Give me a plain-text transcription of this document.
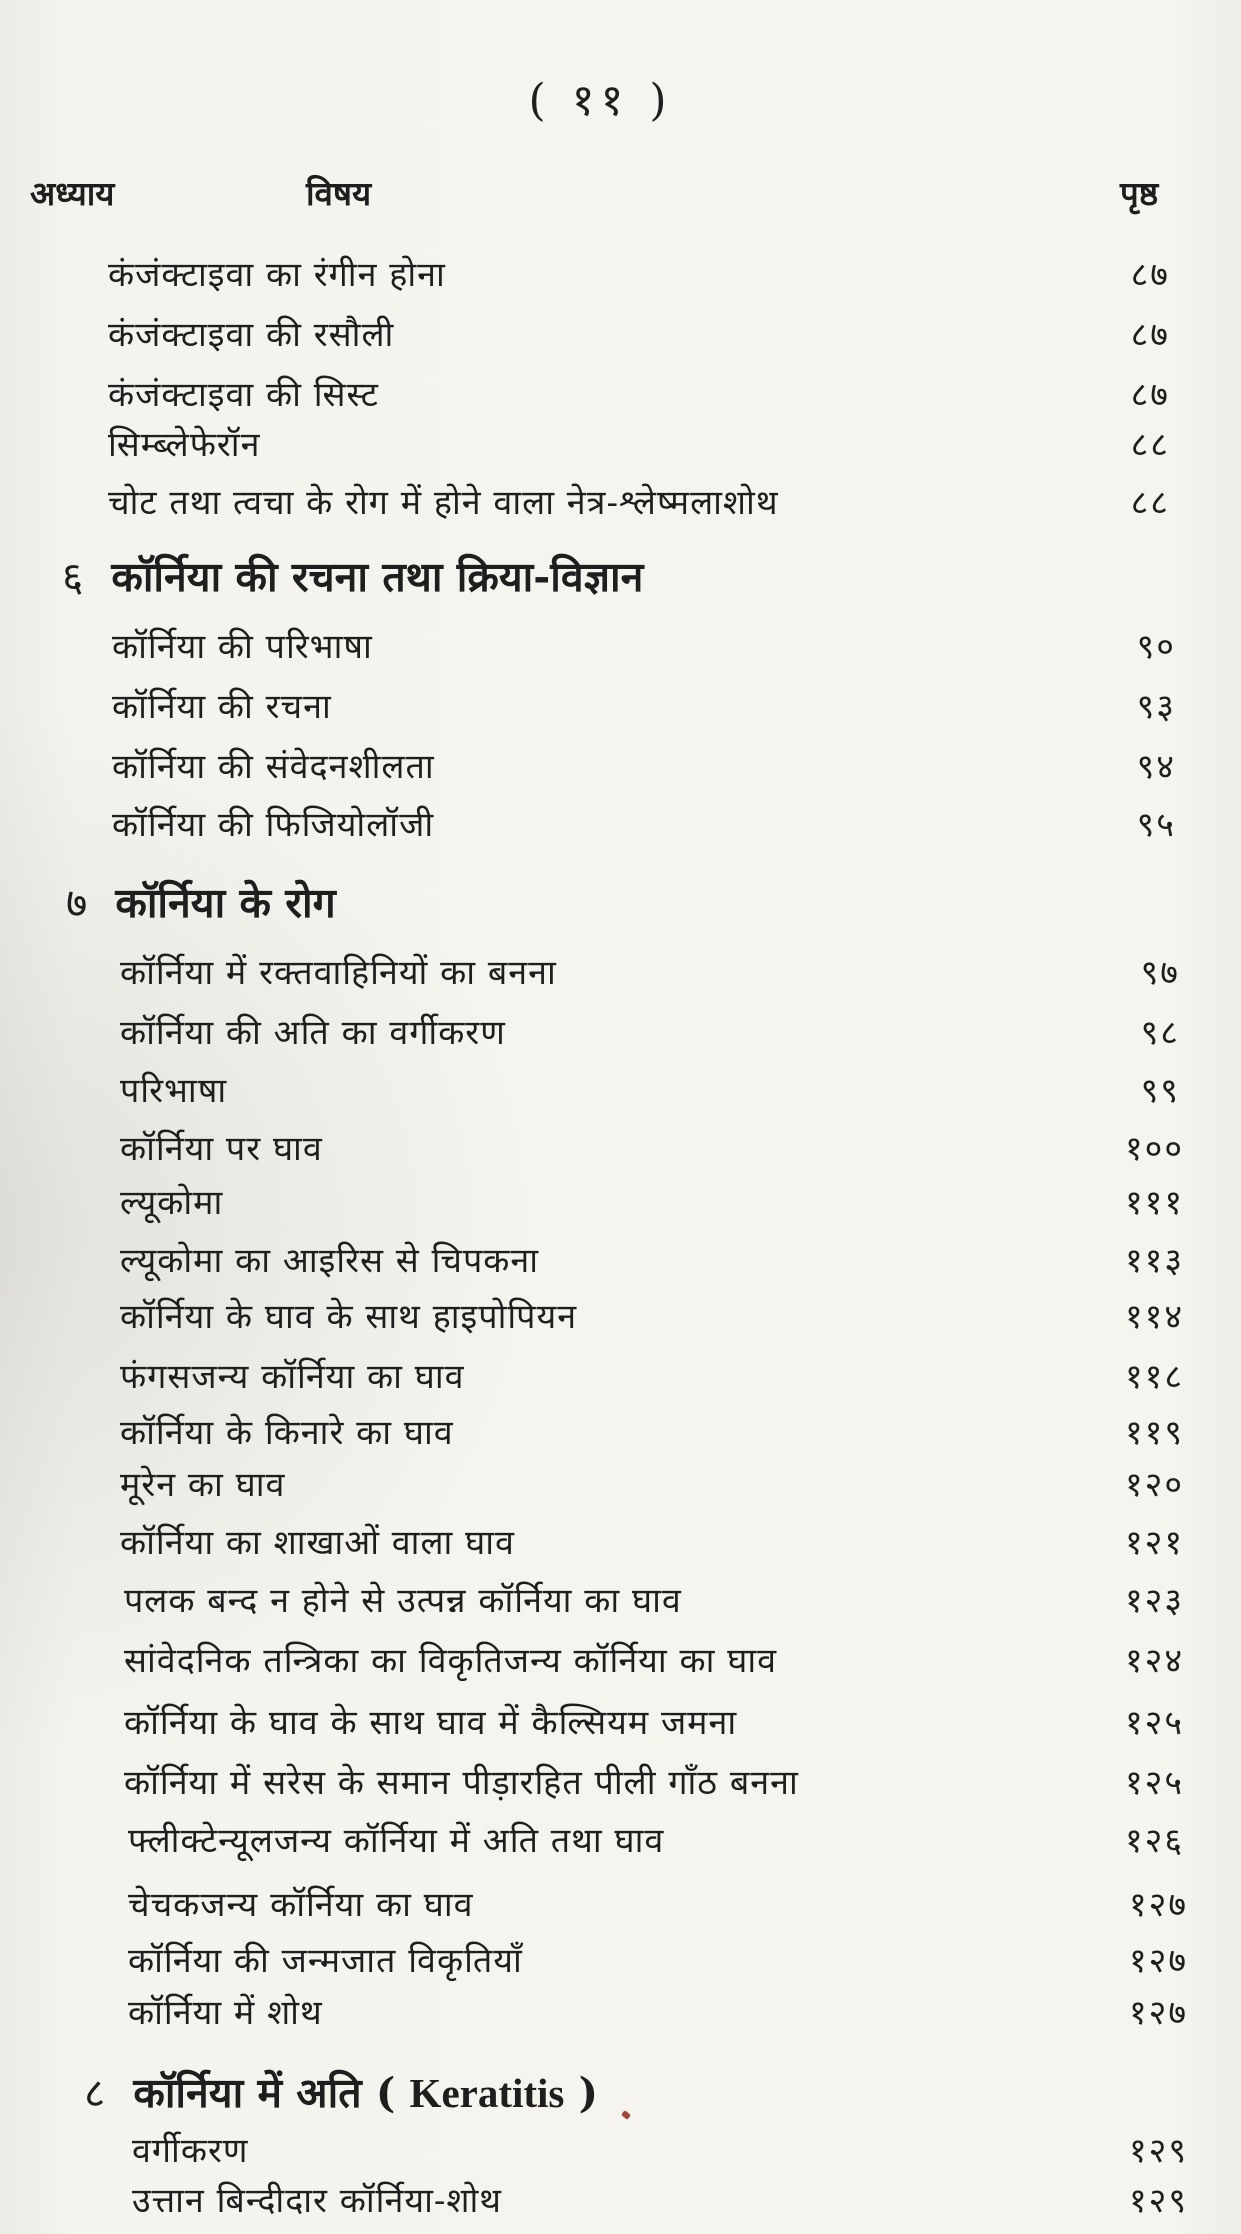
( ११ )
अध्याय	विषय	पृष्ठ
कंजंक्टाइवा का रंगीन होना	८७
कंजंक्टाइवा की रसौली	८७
कंजंक्टाइवा की सिस्ट	८७
सिम्ब्लेफेरॉन	८८
चोट तथा त्वचा के रोग में होने वाला नेत्र-श्लेष्मलाशोथ	८८
६ कॉर्निया की रचना तथा क्रिया-विज्ञान
कॉर्निया की परिभाषा	९०
कॉर्निया की रचना	९३
कॉर्निया की संवेदनशीलता	९४
कॉर्निया की फिजियोलॉजी	९५
७ कॉर्निया के रोग
कॉर्निया में रक्तवाहिनियों का बनना	९७
कॉर्निया की अति का वर्गीकरण	९८
परिभाषा	९९
कॉर्निया पर घाव	१००
ल्यूकोमा	१११
ल्यूकोमा का आइरिस से चिपकना	११३
कॉर्निया के घाव के साथ हाइपोपियन	११४
फंगसजन्य कॉर्निया का घाव	११८
कॉर्निया के किनारे का घाव	११९
मूरेन का घाव	१२०
कॉर्निया का शाखाओं वाला घाव	१२१
पलक बन्द न होने से उत्पन्न कॉर्निया का घाव	१२३
सांवेदनिक तन्त्रिका का विकृतिजन्य कॉर्निया का घाव	१२४
कॉर्निया के घाव के साथ घाव में कैल्सियम जमना	१२५
कॉर्निया में सरेस के समान पीड़ारहित पीली गाँठ बनना	१२५
फ्लीक्टेन्यूलजन्य कॉर्निया में अति तथा घाव	१२६
चेचकजन्य कॉर्निया का घाव	१२७
कॉर्निया की जन्मजात विकृतियाँ	१२७
कॉर्निया में शोथ	१२७
८ कॉर्निया में अति ( Keratitis )
वर्गीकरण	१२९
उत्तान बिन्दीदार कॉर्निया-शोथ	१२९
